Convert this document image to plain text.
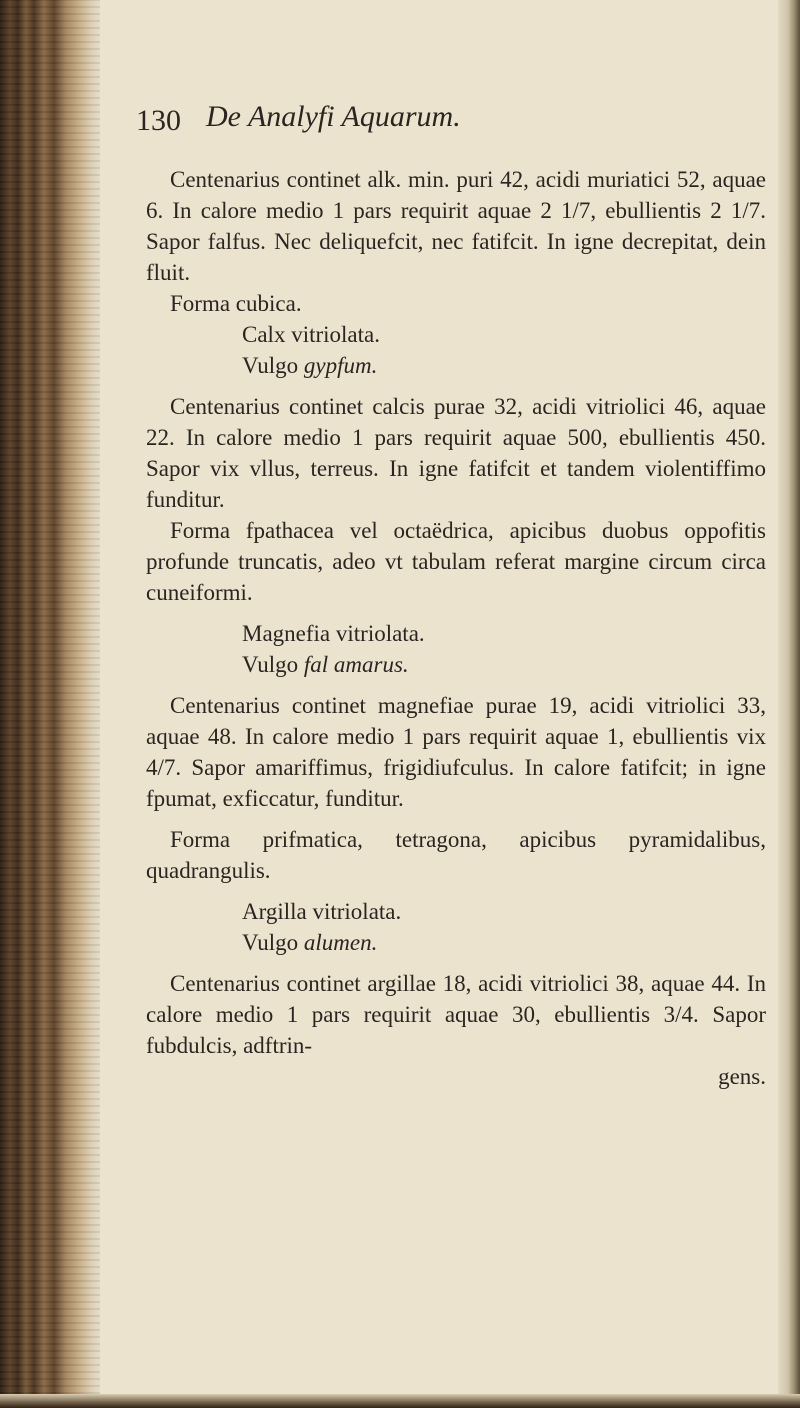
130 De Analyfi Aquarum.

Centenarius continet alk. min. puri 42, acidi muriatici 52, aquae 6. In calore medio 1 pars requirit aquae 2 1/7, ebullientis 2 1/7. Sapor falfus. Nec deliquefcit, nec fatifcit. In igne decrepitat, dein fluit.

Forma cubica.

Calx vitriolata.

Vulgo gypfum.

Centenarius continet calcis purae 32, acidi vitriolici 46, aquae 22. In calore medio 1 pars requirit aquae 500, ebullientis 450. Sapor vix vllus, terreus. In igne fatifcit et tandem violentiffimo funditur.

Forma fpathacea vel octaëdrica, apicibus duobus oppofitis profunde truncatis, adeo vt tabulam referat margine circum circa cuneiformi.

Magnefia vitriolata.

Vulgo fal amarus.

Centenarius continet magnefiae purae 19, acidi vitriolici 33, aquae 48. In calore medio 1 pars requirit aquae 1, ebullientis vix 4/7. Sapor amariffimus, frigidiufculus. In calore fatifcit; in igne fpumat, exficcatur, funditur.

Forma prifmatica, tetragona, apicibus pyramidalibus, quadrangulis.

Argilla vitriolata.

Vulgo alumen.

Centenarius continet argillae 18, acidi vitriolici 38, aquae 44. In calore medio 1 pars requirit aquae 30, ebullientis 3/4. Sapor fubdulcis, adftrin-

gens.
